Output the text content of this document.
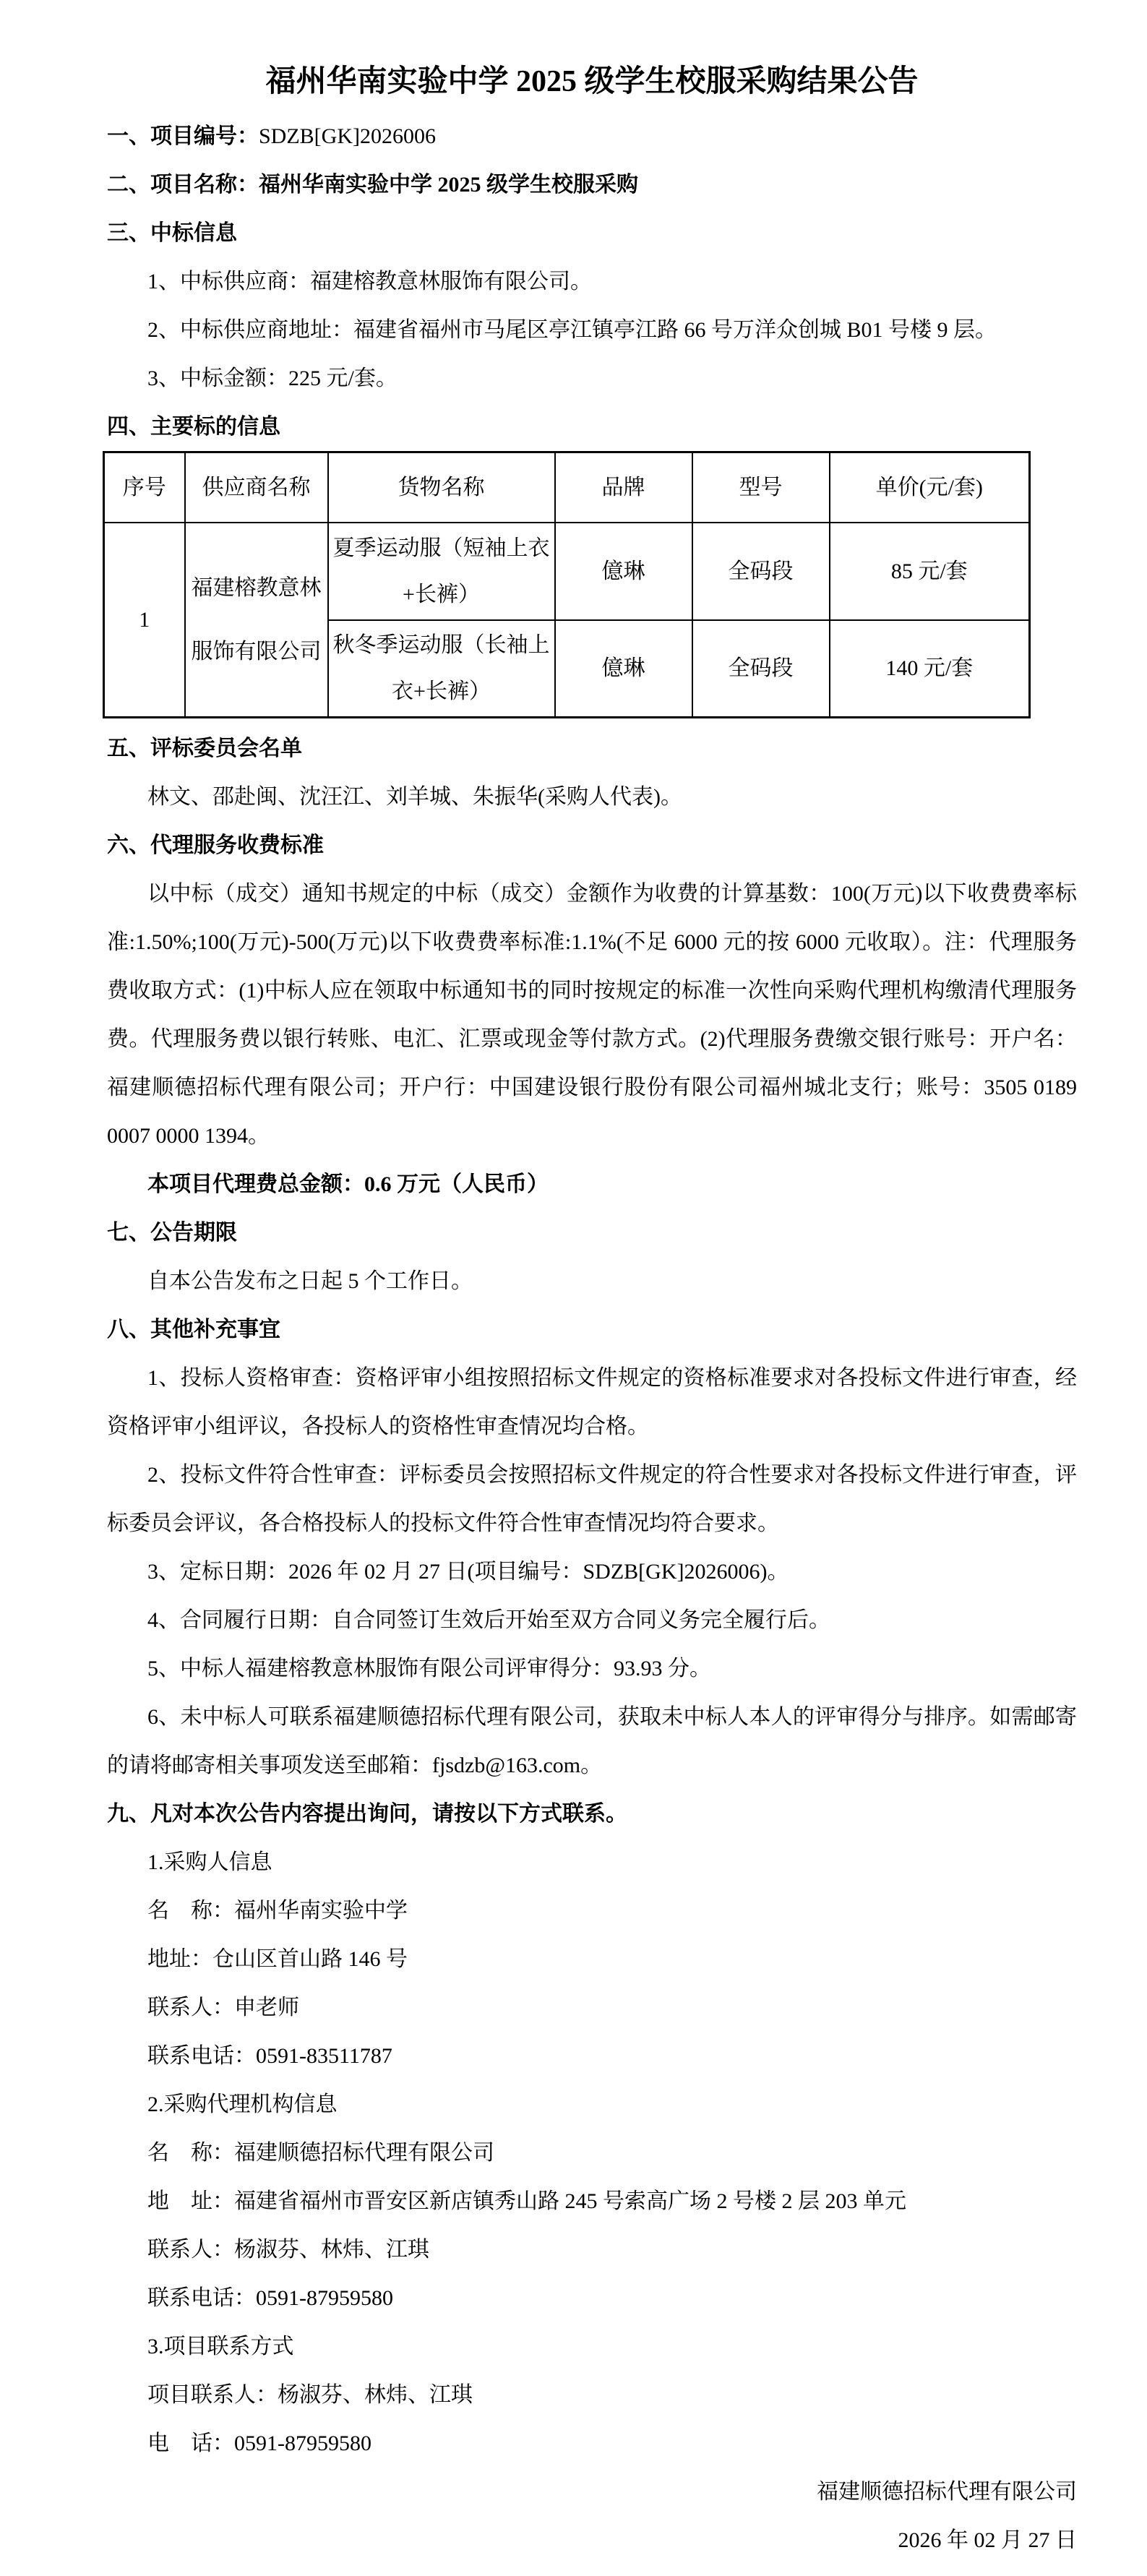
福州华南实验中学 2025 级学生校服采购结果公告

一、项目编号：SDZB[GK]2026006

二、项目名称：福州华南实验中学 2025 级学生校服采购

三、中标信息

1、中标供应商：福建榕教意林服饰有限公司。

2、中标供应商地址：福建省福州市马尾区亭江镇亭江路 66 号万洋众创城 B01 号楼 9 层。

3、中标金额：225 元/套。

四、主要标的信息

序号	供应商名称	货物名称	品牌	型号	单价(元/套)
1	福建榕教意林服饰有限公司	夏季运动服（短袖上衣+长裤）	億琳	全码段	85 元/套
		秋冬季运动服（长袖上衣+长裤）	億琳	全码段	140 元/套

五、评标委员会名单

林文、邵赴闽、沈汪江、刘羊城、朱振华(采购人代表)。

六、代理服务收费标准

以中标（成交）通知书规定的中标（成交）金额作为收费的计算基数：100(万元)以下收费费率标准:1.50%;100(万元)-500(万元)以下收费费率标准:1.1%(不足 6000 元的按 6000 元收取）。注：代理服务费收取方式：(1)中标人应在领取中标通知书的同时按规定的标准一次性向采购代理机构缴清代理服务费。代理服务费以银行转账、电汇、汇票或现金等付款方式。(2)代理服务费缴交银行账号：开户名：福建顺德招标代理有限公司；开户行：中国建设银行股份有限公司福州城北支行；账号：3505 0189 0007 0000 1394。

本项目代理费总金额：0.6 万元（人民币）

七、公告期限

自本公告发布之日起 5 个工作日。

八、其他补充事宜

1、投标人资格审查：资格评审小组按照招标文件规定的资格标准要求对各投标文件进行审查，经资格评审小组评议，各投标人的资格性审查情况均合格。

2、投标文件符合性审查：评标委员会按照招标文件规定的符合性要求对各投标文件进行审查，评标委员会评议，各合格投标人的投标文件符合性审查情况均符合要求。

3、定标日期：2026 年 02 月 27 日(项目编号：SDZB[GK]2026006)。

4、合同履行日期：自合同签订生效后开始至双方合同义务完全履行后。

5、中标人福建榕教意林服饰有限公司评审得分：93.93 分。

6、未中标人可联系福建顺德招标代理有限公司，获取未中标人本人的评审得分与排序。如需邮寄的请将邮寄相关事项发送至邮箱：fjsdzb@163.com。

九、凡对本次公告内容提出询问，请按以下方式联系。

1.采购人信息

名　称：福州华南实验中学

地址：仓山区首山路 146 号

联系人：申老师

联系电话：0591-83511787

2.采购代理机构信息

名　称：福建顺德招标代理有限公司

地　址：福建省福州市晋安区新店镇秀山路 245 号索高广场 2 号楼 2 层 203 单元

联系人：杨淑芬、林炜、江琪

联系电话：0591-87959580

3.项目联系方式

项目联系人：杨淑芬、林炜、江琪

电　话：0591-87959580

福建顺德招标代理有限公司

2026 年 02 月 27 日
